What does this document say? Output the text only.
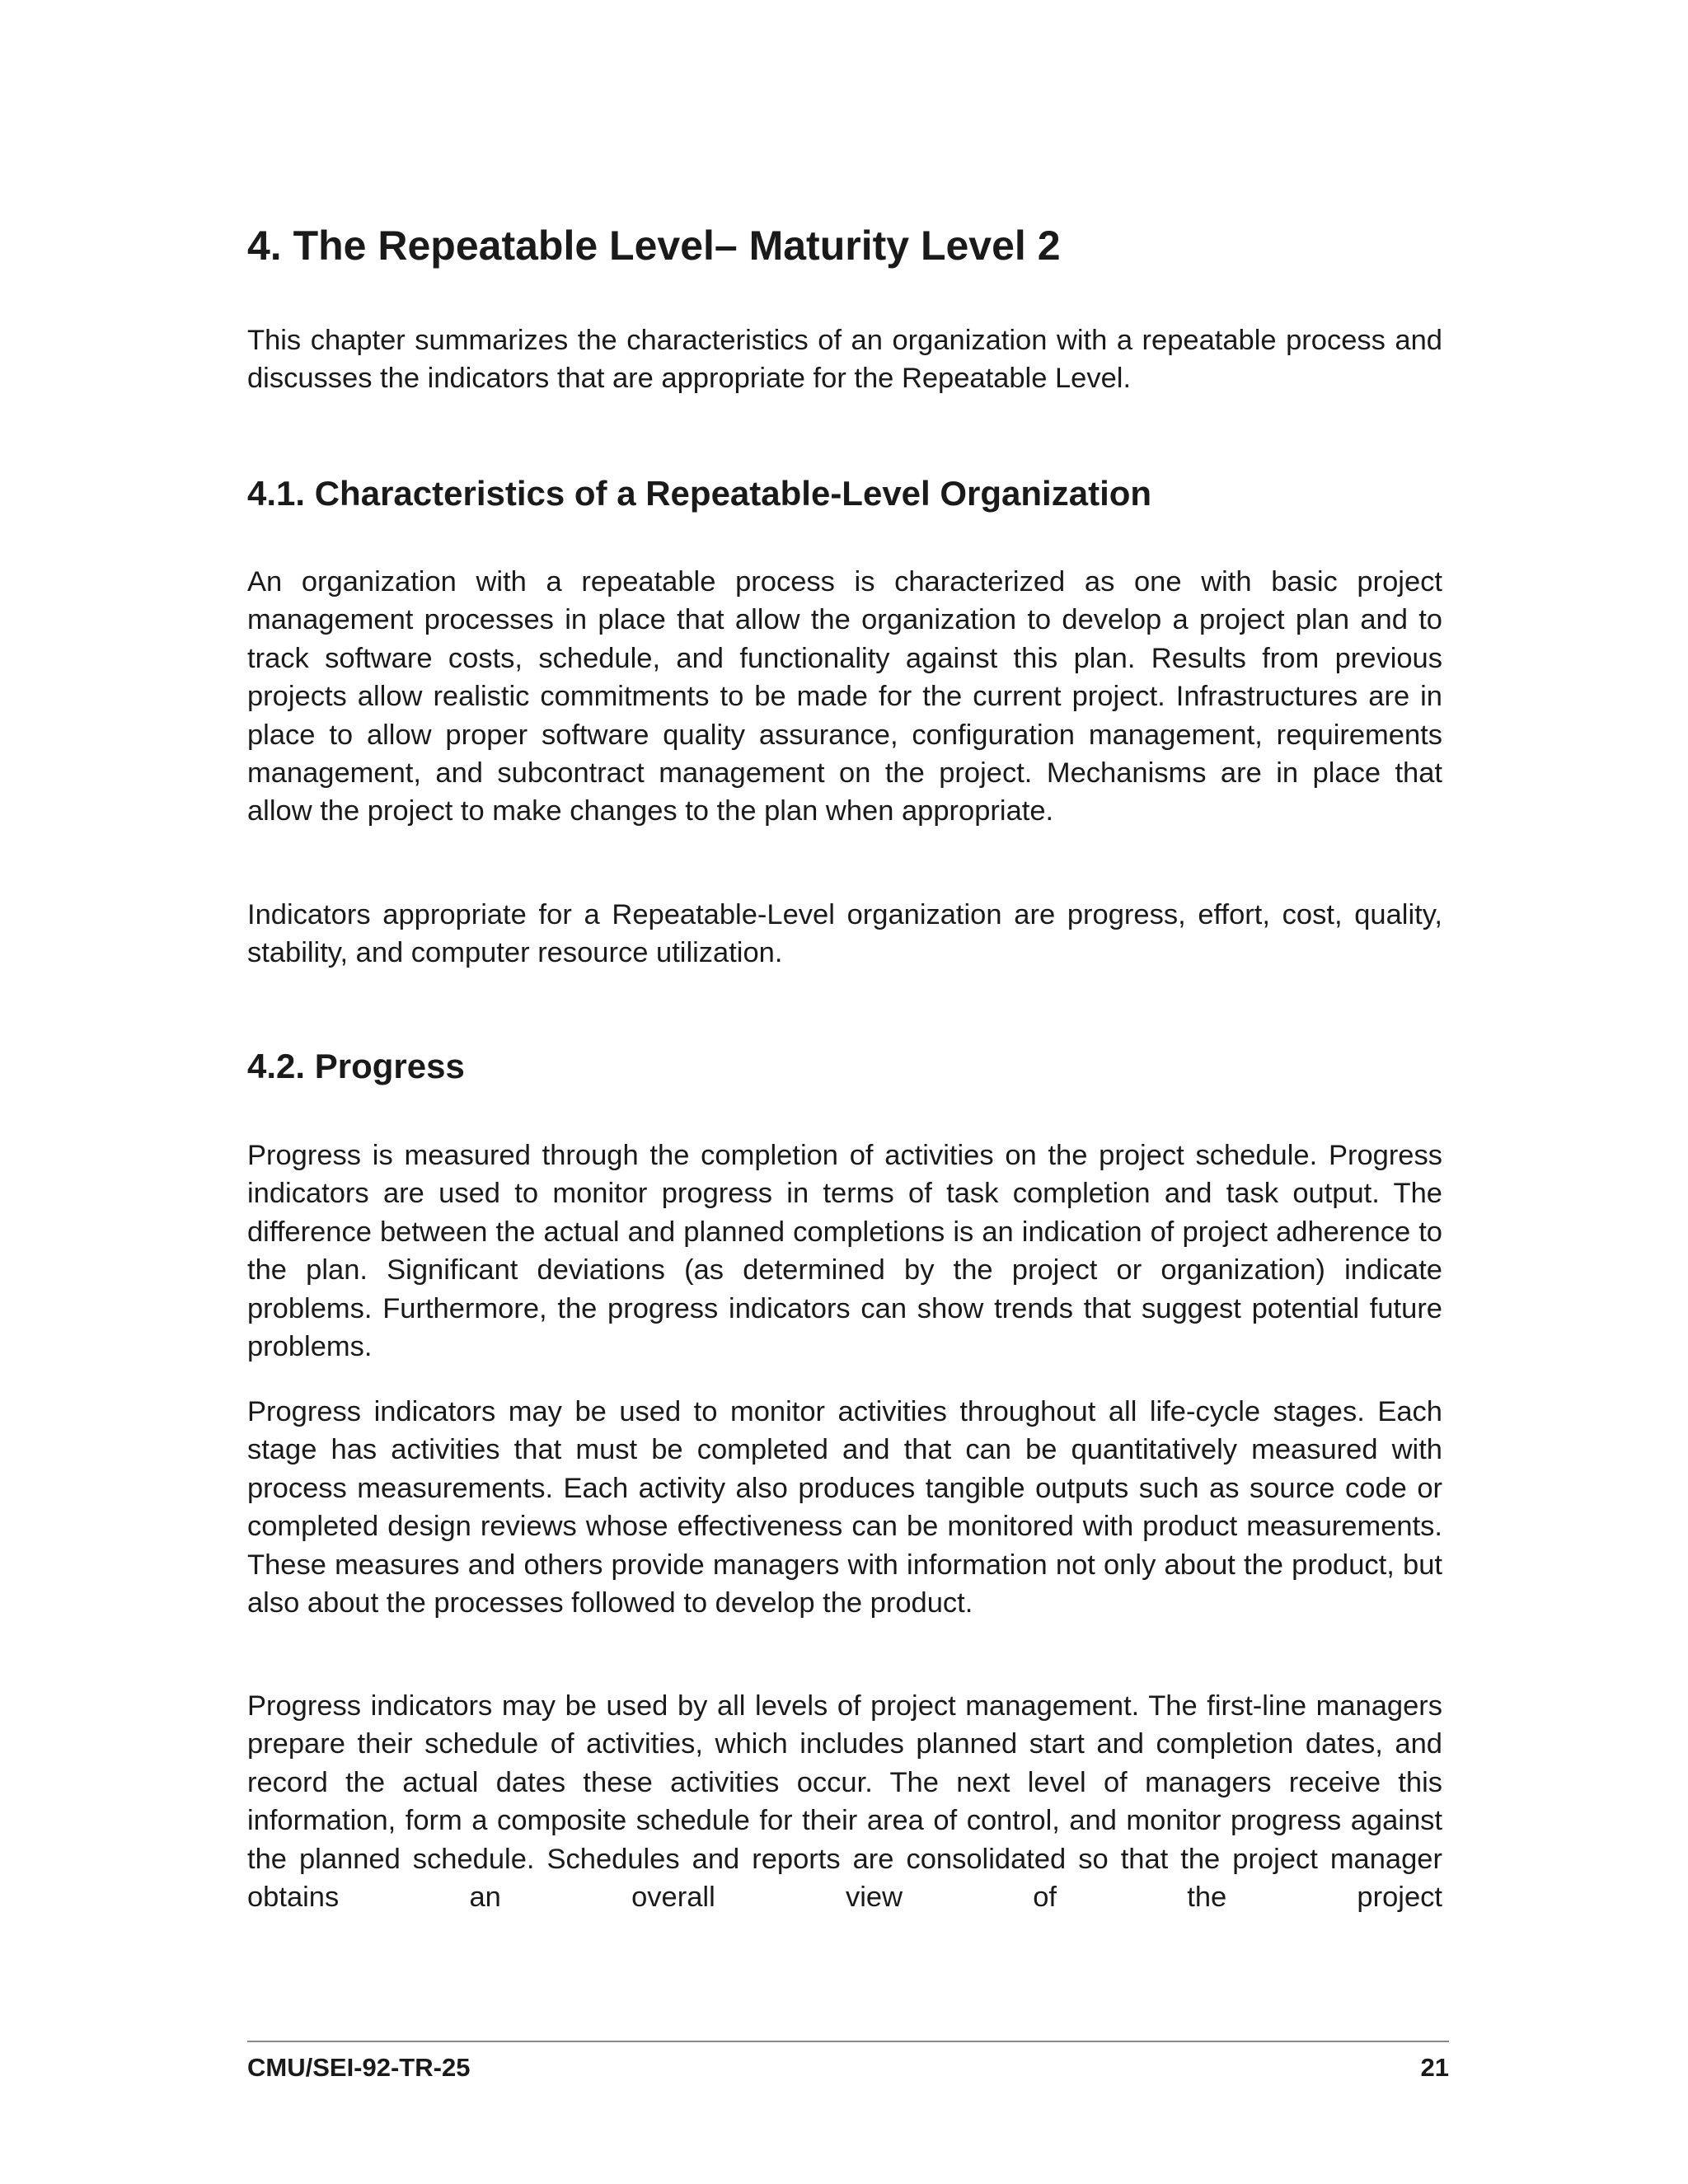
4. The Repeatable Level– Maturity Level 2

This chapter summarizes the characteristics of an organization with a repeatable process and discusses the indicators that are appropriate for the Repeatable Level.

4.1. Characteristics of a Repeatable-Level Organization

An organization with a repeatable process is characterized as one with basic project management processes in place that allow the organization to develop a project plan and to track software costs, schedule, and functionality against this plan. Results from previous projects allow realistic commitments to be made for the current project. Infrastructures are in place to allow proper software quality assurance, configuration management, requirements management, and subcontract management on the project. Mechanisms are in place that allow the project to make changes to the plan when appropriate.

Indicators appropriate for a Repeatable-Level organization are progress, effort, cost, quality, stability, and computer resource utilization.

4.2. Progress

Progress is measured through the completion of activities on the project schedule. Progress indicators are used to monitor progress in terms of task completion and task output. The difference between the actual and planned completions is an indication of project adherence to the plan. Significant deviations (as determined by the project or organization) indicate problems. Furthermore, the progress indicators can show trends that suggest potential future problems.

Progress indicators may be used to monitor activities throughout all life-cycle stages. Each stage has activities that must be completed and that can be quantitatively measured with process measurements. Each activity also produces tangible outputs such as source code or completed design reviews whose effectiveness can be monitored with product measurements. These measures and others provide managers with information not only about the product, but also about the processes followed to develop the product.

Progress indicators may be used by all levels of project management. The first-line managers prepare their schedule of activities, which includes planned start and completion dates, and record the actual dates these activities occur. The next level of managers receive this information, form a composite schedule for their area of control, and monitor progress against the planned schedule. Schedules and reports are consolidated so that the project manager obtains an overall view of the project

CMU/SEI-92-TR-25	21
